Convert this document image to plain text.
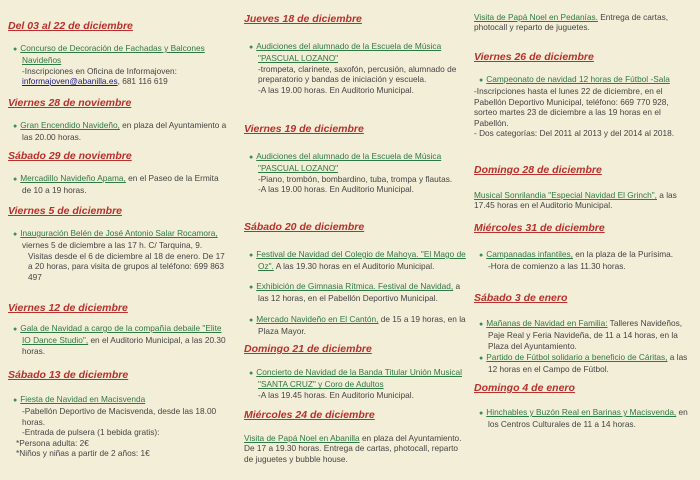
Del 03 al 22 de diciembre

● Concurso de Decoración de Fachadas y Balcones Navideños

-Inscripciones en Oficina de Informajoven:

informajoven@abanilla.es, 681 116 619

Viernes 28 de noviembre

● Gran Encendido Navideño, en plaza del Ayuntamiento a las 20.00 horas.

Sábado 29 de noviembre

● Mercadillo Navideño Apama, en el Paseo de la Ermita de 10 a 19 horas.

Viernes 5 de diciembre

● Inauguración Belén de José Antonio Salar Rocamora, viernes 5 de diciembre a las 17 h. C/ Tarquina, 9.

Visitas desde el 6 de diciembre al 18 de enero. De 17 a 20 horas, para visita de grupos al teléfono: 699 863 497

Viernes 12 de diciembre

● Gala de Navidad a cargo de la compañía debaile "Elite IO Dance Studio", en el Auditorio Municipal, a las 20.30 horas.

Sábado 13 de diciembre

● Fiesta de Navidad en Macisvenda

-Pabellón Deportivo de Macisvenda, desde las 18.00 horas.

-Entrada de pulsera (1 bebida gratis):

*Persona adulta: 2€

*Niños y niñas a partir de 2 años: 1€

Jueves 18 de diciembre

● Audiciones del alumnado de la Escuela de Música "PASCUAL LOZANO"

-trompeta, clarinete, saxofón, percusión, alumnado de preparatorio y bandas de iniciación y escuela.

-A las 19.00 horas. En Auditorio Municipal.

Viernes 19 de diciembre

● Audiciones del alumnado de la Escuela de Música "PASCUAL LOZANO"

-Piano, trombón, bombardino, tuba, trompa y flautas.

-A las 19.00 horas. En Auditorio Municipal.

Sábado 20 de diciembre

● Festival de Navidad del Colegio de Mahoya. "El Mago de Oz". A las 19.30 horas en el Auditorio Municipal.

● Exhibición de Gimnasia Rítmica. Festival de Navidad, a las 12 horas, en el Pabellón Deportivo Municipal.

● Mercado Navideño en El Cantón, de 15 a 19 horas, en la Plaza Mayor.

Domingo 21 de diciembre

● Concierto de Navidad de la Banda Titular Unión Musical "SANTA CRUZ" y Coro de Adultos

-A las 19.45 horas. En Auditorio Municipal.

Miércoles 24 de diciembre

Visita de Papá Noel en Abanilla en plaza del Ayuntamiento. De 17 a 19.30 horas. Entrega de cartas, photocall, reparto de juguetes y bubble house.

Visita de Papá Noel en Pedanías. Entrega de cartas, photocall y reparto de juguetes.

Viernes 26 de diciembre

● Campeonato de navidad 12 horas de Fútbol -Sala

-Inscripciones hasta el lunes 22 de diciembre, en el Pabellón Deportivo Municipal, teléfono: 669 770 928, sorteo martes 23 de diciembre a las 19 horas en el Pabellón.

- Dos categorías: Del 2011 al 2013 y del 2014 al 2018.

Domingo 28 de diciembre

Musical Sonrilandia "Especial Navidad El Grinch", a las 17.45 horas en el Auditorio Municipal.

Miércoles 31 de diciembre

● Campanadas infantiles, en la plaza de la Purísima.

-Hora de comienzo a las 11.30 horas.

Sábado 3 de enero

● Mañanas de Navidad en Familia: Talleres Navideños, Paje Real y Feria Navideña, de 11 a 14 horas, en la Plaza del Ayuntamiento.

● Partido de Fútbol solidario a beneficio de Cáritas, a las 12 horas en el Campo de Fútbol.

Domingo 4 de enero

● Hinchables y Buzón Real en Barinas y Macisvenda, en los Centros Culturales de 11 a 14 horas.
